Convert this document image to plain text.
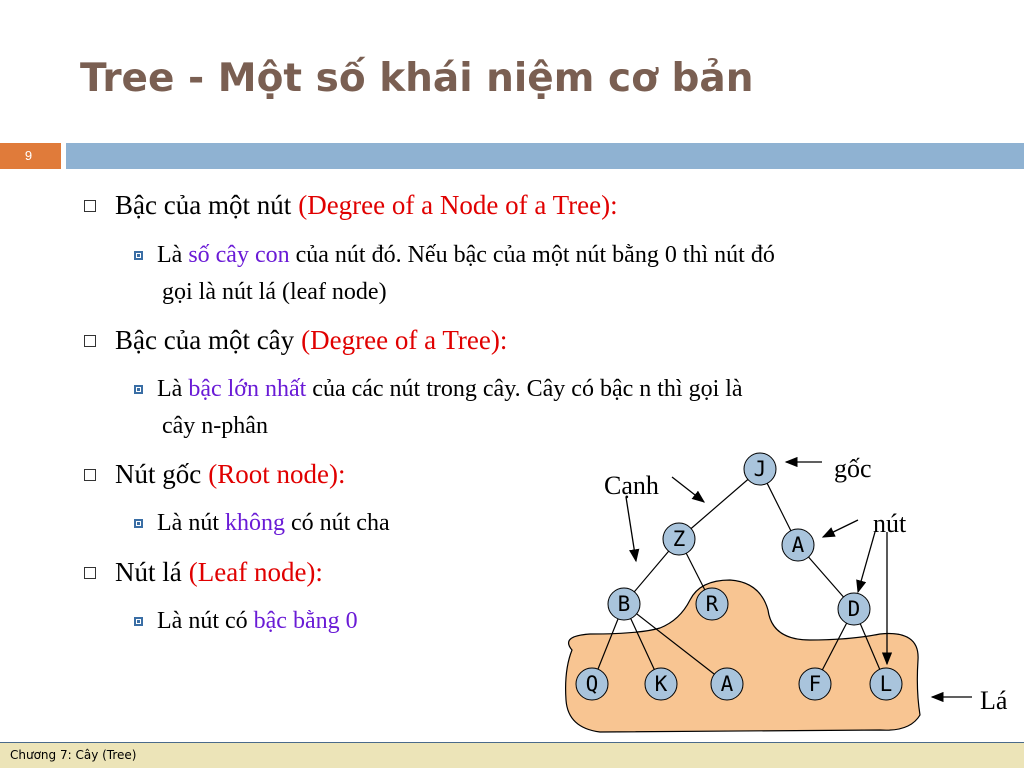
Tree - Một số khái niệm cơ bản
9
Bậc của một nút (Degree of a Node of a Tree):
Là số cây con của nút đó. Nếu bậc của một nút bằng 0 thì nút đó
gọi là nút lá (leaf node)
Bậc của một cây (Degree of a Tree):
Là bậc lớn nhất của các nút trong cây. Cây có bậc n thì gọi là
cây n-phân
Nút gốc (Root node):
Là nút không có nút cha
Nút lá (Leaf node):
Là nút có bậc bằng 0
J
Z	A
B	R	D
Q	K	A	F	L
gốc
Cạnh
nút
Lá
Chương 7: Cây (Tree)
